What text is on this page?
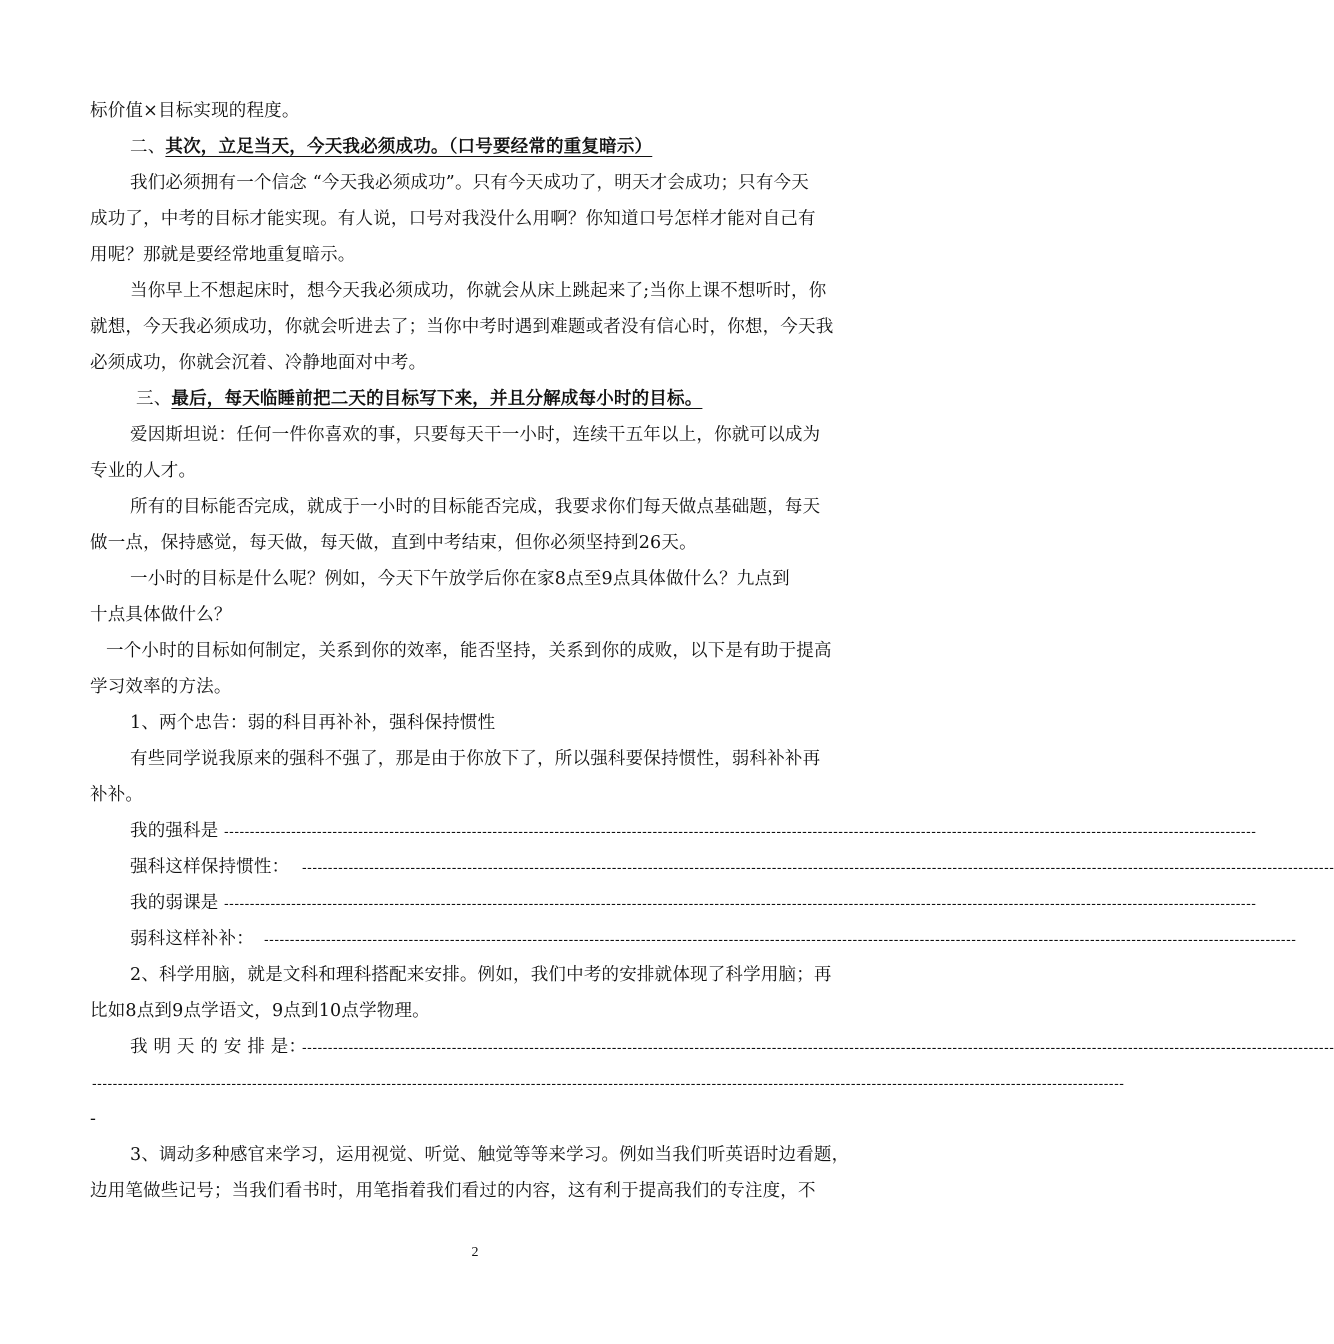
标价值×目标实现的程度。
二、其次，立足当天，今天我必须成功。（口号要经常的重复暗示）
我们必须拥有一个信念 “今天我必须成功”。只有今天成功了，明天才会成功；只有今天
成功了，中考的目标才能实现。有人说，口号对我没什么用啊？你知道口号怎样才能对自己有
用呢？那就是要经常地重复暗示。
当你早上不想起床时，想今天我必须成功，你就会从床上跳起来了;当你上课不想听时，你
就想，今天我必须成功，你就会听进去了；当你中考时遇到难题或者没有信心时，你想，今天我
必须成功，你就会沉着、冷静地面对中考。
三、最后，每天临睡前把二天的目标写下来，并且分解成每小时的目标。
爱因斯坦说：任何一件你喜欢的事，只要每天干一小时，连续干五年以上，你就可以成为
专业的人才。
所有的目标能否完成，就成于一小时的目标能否完成，我要求你们每天做点基础题，每天
做一点，保持感觉，每天做，每天做，直到中考结束，但你必须坚持到26天。
一小时的目标是什么呢？例如，今天下午放学后你在家8点至9点具体做什么？九点到
十点具体做什么？
一个小时的目标如何制定，关系到你的效率，能否坚持，关系到你的成败，以下是有助于提高
学习效率的方法。
1、两个忠告：弱的科目再补补，强科保持惯性
有些同学说我原来的强科不强了，那是由于你放下了，所以强科要保持惯性，弱科补补再
补补。
我的强科是 --------------------------------------------------------------------------------------------------------------------------------------------------------------------------------------------------------
强科这样保持惯性： --------------------------------------------------------------------------------------------------------------------------------------------------------------------------------------------------------
我的弱课是 --------------------------------------------------------------------------------------------------------------------------------------------------------------------------------------------------------
弱科这样补补： --------------------------------------------------------------------------------------------------------------------------------------------------------------------------------------------------------
2、科学用脑，就是文科和理科搭配来安排。例如，我们中考的安排就体现了科学用脑；再
比如8点到9点学语文，9点到10点学物理。
我 明 天 的 安 排 是：
--------------------------------------------------------------------------------------------------------------------------------------------------------------------------------------------------------
--------------------------------------------------------------------------------------------------------------------------------------------------------------------------------------------------------
-
3、调动多种感官来学习，运用视觉、听觉、触觉等等来学习。例如当我们听英语时边看题，
边用笔做些记号；当我们看书时，用笔指着我们看过的内容，这有利于提高我们的专注度，不
2
